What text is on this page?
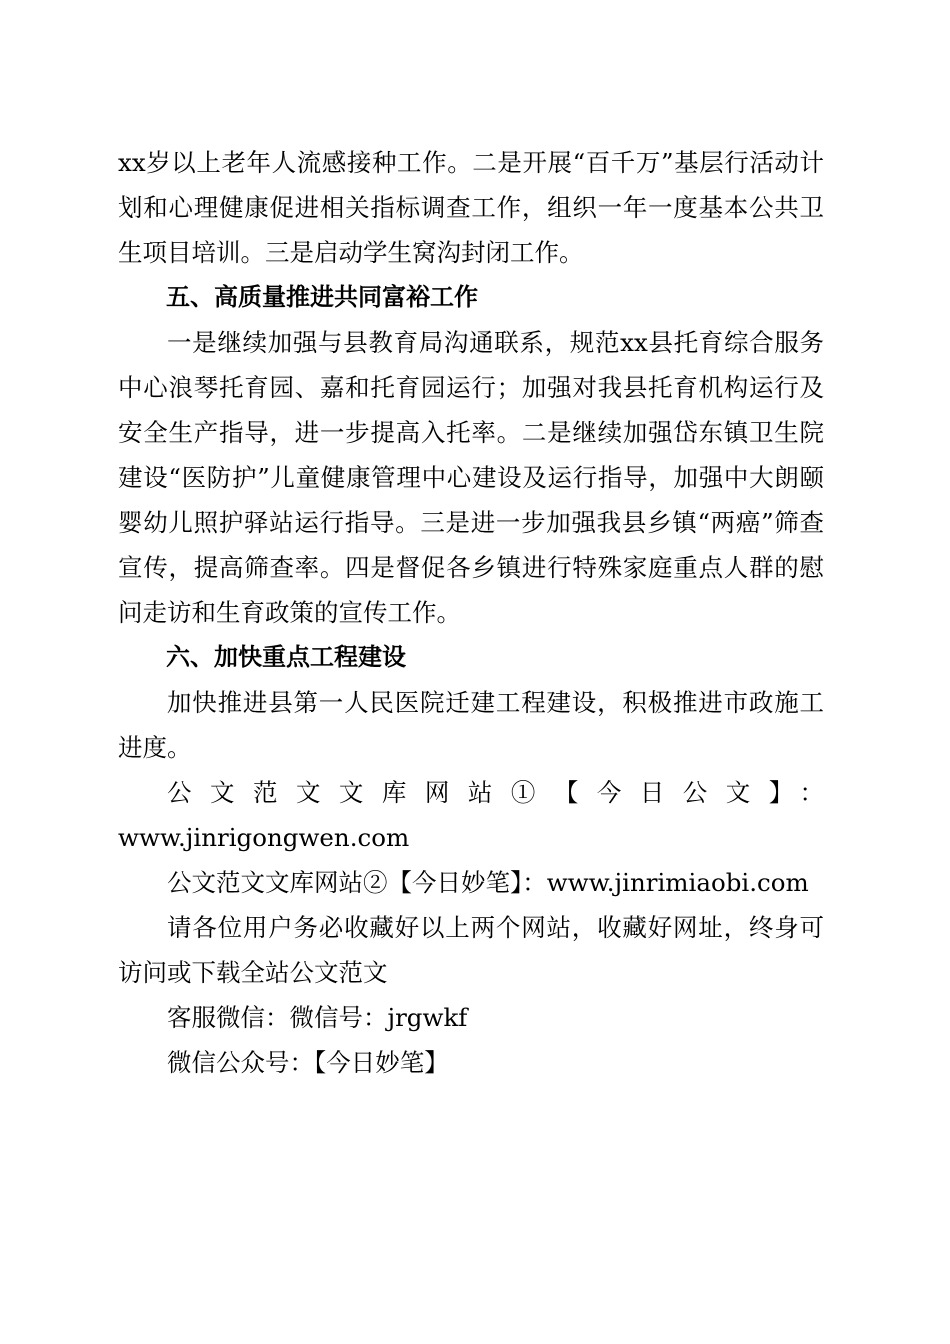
xx岁以上老年人流感接种工作。二是开展“百千万”基层行活动计划和心理健康促进相关指标调查工作，组织一年一度基本公共卫生项目培训。三是启动学生窝沟封闭工作。

五、高质量推进共同富裕工作

一是继续加强与县教育局沟通联系，规范xx县托育综合服务中心浪琴托育园、嘉和托育园运行；加强对我县托育机构运行及安全生产指导，进一步提高入托率。二是继续加强岱东镇卫生院建设“医防护”儿童健康管理中心建设及运行指导，加强中大朗颐婴幼儿照护驿站运行指导。三是进一步加强我县乡镇“两癌”筛查宣传，提高筛查率。四是督促各乡镇进行特殊家庭重点人群的慰问走访和生育政策的宣传工作。

六、加快重点工程建设

加快推进县第一人民医院迁建工程建设，积极推进市政施工进度。

公文范文文库网站①【今日公文】：

www.jinrigongwen.com

公文范文文库网站②【今日妙笔】：www.jinrimiaobi.com

请各位用户务必收藏好以上两个网站，收藏好网址，终身可访问或下载全站公文范文

客服微信：微信号：jrgwkf

微信公众号：【今日妙笔】
